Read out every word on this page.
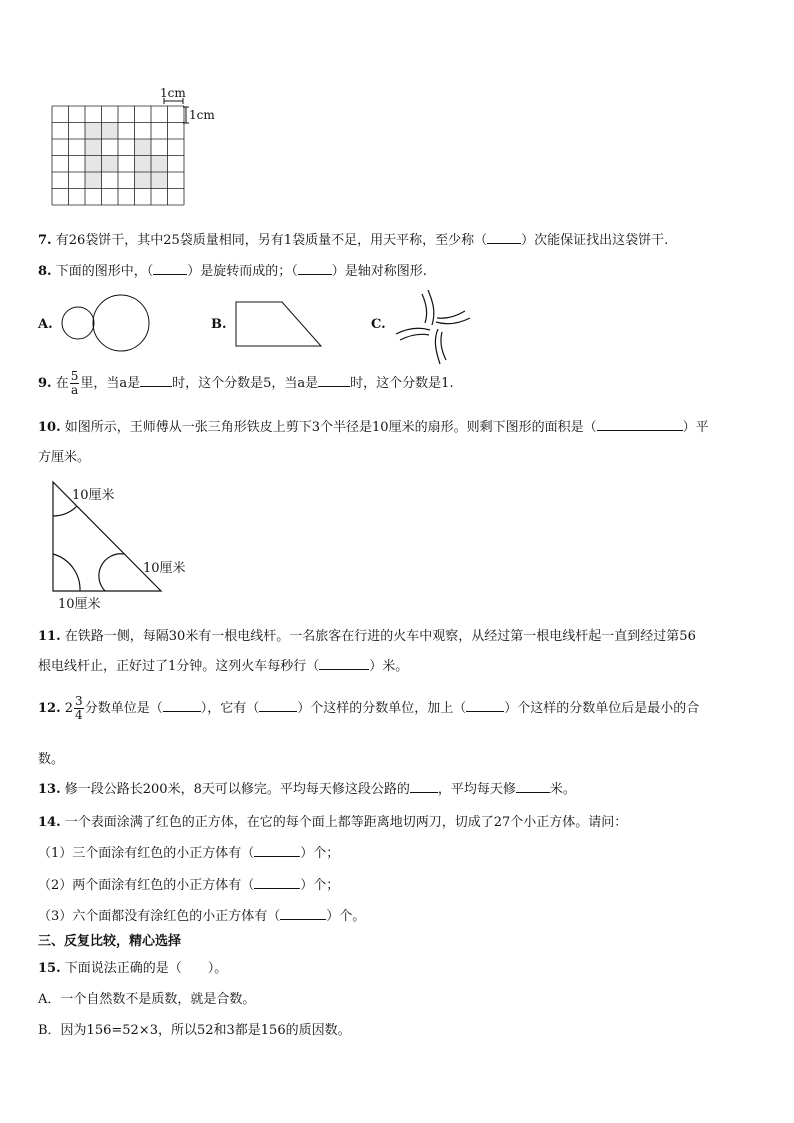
1cm
1cm
7. 有26袋饼干，其中25袋质量相同，另有1袋质量不足，用天平称，至少称（	）次能保证找出这袋饼干.
8. 下面的图形中，（	）是旋转而成的；（	）是轴对称图形.
A.	B.	C.
9. 在 $\frac{5}{a}$ 里，当a是 时，这个分数是5，当a是 时，这个分数是1.
10. 如图所示，王师傅从一张三角形铁皮上剪下3个半径是10厘米的扇形。则剩下图形的面积是（	）平
方厘米。
10厘米
10厘米
10厘米
11. 在铁路一侧，每隔30米有一根电线杆。一名旅客在行进的火车中观察，从经过第一根电线杆起一直到经过第56
根电线杆止，正好过了1分钟。这列火车每秒行（	）米。
12. $2 \frac{3}{4}$ 分数单位是（	），它有（	）个这样的分数单位，加上（	）个这样的分数单位后是最小的合
数。
13. 修一段公路长200米，8天可以修完。平均每天修这段公路的 ，平均每天修	米。
14. 一个表面涂满了红色的正方体，在它的每个面上都等距离地切两刀，切成了27个小正方体。请问：
（1）三个面涂有红色的小正方体有（	）个；
（2）两个面涂有红色的小正方体有（	）个；
（3）六个面都没有涂红色的小正方体有（	）个。
三、反复比较，精心选择
15. 下面说法正确的是（　　）。
A．一个自然数不是质数，就是合数。
B．因为156=52×3，所以52和3都是156的质因数。
